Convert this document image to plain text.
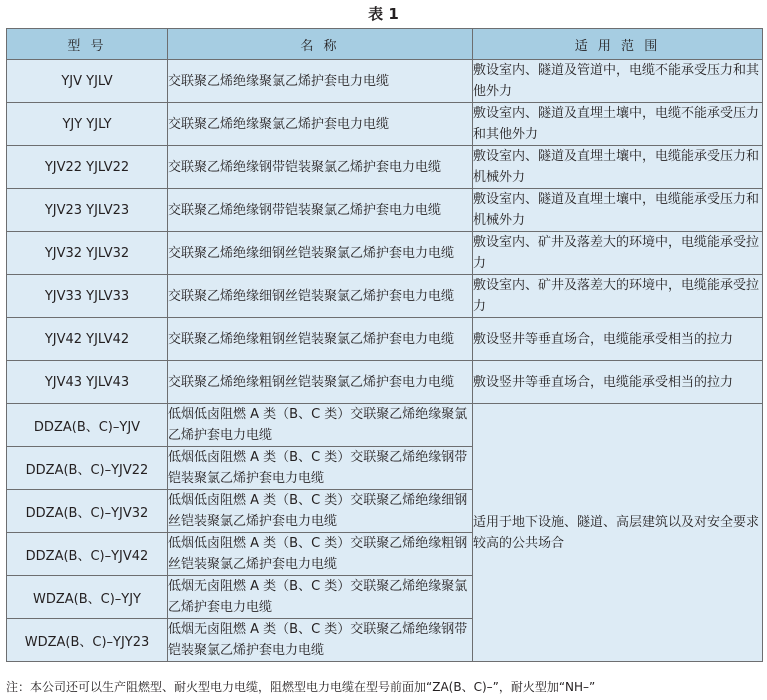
表 1
型 号	名 称	适 用 范 围
YJV YJLV	交联聚乙烯绝缘聚氯乙烯护套电力电缆	敷设室内、隧道及管道中，电缆不能承受压力和其他外力
YJY YJLY	交联聚乙烯绝缘聚氯乙烯护套电力电缆	敷设室内、隧道及直埋土壤中，电缆不能承受压力和其他外力
YJV22 YJLV22	交联聚乙烯绝缘钢带铠装聚氯乙烯护套电力电缆	敷设室内、隧道及直埋土壤中，电缆能承受压力和机械外力
YJV23 YJLV23	交联聚乙烯绝缘钢带铠装聚氯乙烯护套电力电缆	敷设室内、隧道及直埋土壤中，电缆能承受压力和机械外力
YJV32 YJLV32	交联聚乙烯绝缘细钢丝铠装聚氯乙烯护套电力电缆	敷设室内、矿井及落差大的环境中，电缆能承受拉力
YJV33 YJLV33	交联聚乙烯绝缘细钢丝铠装聚氯乙烯护套电力电缆	敷设室内、矿井及落差大的环境中，电缆能承受拉力
YJV42 YJLV42	交联聚乙烯绝缘粗钢丝铠装聚氯乙烯护套电力电缆	敷设竖井等垂直场合，电缆能承受相当的拉力
YJV43 YJLV43	交联聚乙烯绝缘粗钢丝铠装聚氯乙烯护套电力电缆	敷设竖井等垂直场合，电缆能承受相当的拉力
DDZA(B、C)–YJV	低烟低卤阻燃 A 类（B、C 类）交联聚乙烯绝缘聚氯乙烯护套电力电缆	适用于地下设施、隧道、高层建筑以及对安全要求较高的公共场合
DDZA(B、C)–YJV22	低烟低卤阻燃 A 类（B、C 类）交联聚乙烯绝缘钢带铠装聚氯乙烯护套电力电缆	
DDZA(B、C)–YJV32	低烟低卤阻燃 A 类（B、C 类）交联聚乙烯绝缘细钢丝铠装聚氯乙烯护套电力电缆	
DDZA(B、C)–YJV42	低烟低卤阻燃 A 类（B、C 类）交联聚乙烯绝缘粗钢丝铠装聚氯乙烯护套电力电缆	
WDZA(B、C)–YJY	低烟无卤阻燃 A 类（B、C 类）交联聚乙烯绝缘聚氯乙烯护套电力电缆	
WDZA(B、C)–YJY23	低烟无卤阻燃 A 类（B、C 类）交联聚乙烯绝缘钢带铠装聚氯乙烯护套电力电缆	
注：本公司还可以生产阻燃型、耐火型电力电缆，阻燃型电力电缆在型号前面加“ZA(B、C)–”，耐火型加“NH–”
